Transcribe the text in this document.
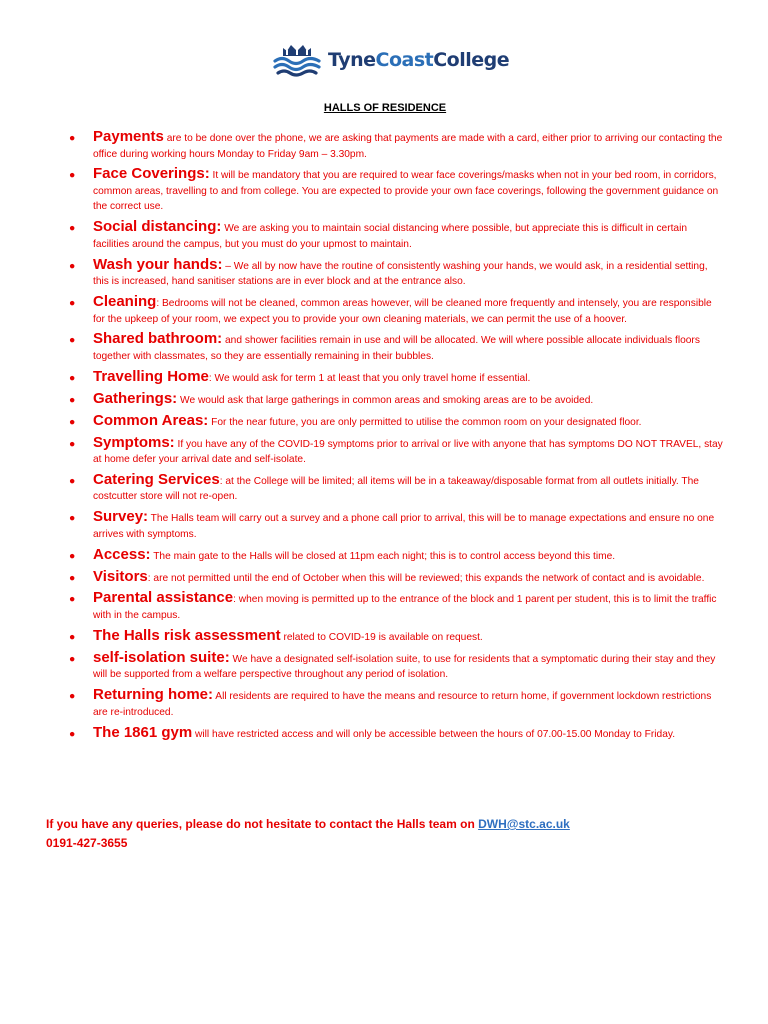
TyneCoastCollege
HALLS OF RESIDENCE
● Payments are to be done over the phone, we are asking that payments are made with a card, either prior to arriving our contacting the office during working hours Monday to Friday 9am – 3.30pm.
● Face Coverings: It will be mandatory that you are required to wear face coverings/masks when not in your bed room, in corridors, common areas, travelling to and from college. You are expected to provide your own face coverings, following the government guidance on the correct use.
● Social distancing: We are asking you to maintain social distancing where possible, but appreciate this is difficult in certain facilities around the campus, but you must do your upmost to maintain.
● Wash your hands: – We all by now have the routine of consistently washing your hands, we would ask, in a residential setting, this is increased, hand sanitiser stations are in ever block and at the entrance also.
● Cleaning: Bedrooms will not be cleaned, common areas however, will be cleaned more frequently and intensely, you are responsible for the upkeep of your room, we expect you to provide your own cleaning materials, we can permit the use of a hoover.
● Shared bathroom: and shower facilities remain in use and will be allocated. We will where possible allocate individuals floors together with classmates, so they are essentially remaining in their bubbles.
● Travelling Home: We would ask for term 1 at least that you only travel home if essential.
● Gatherings: We would ask that large gatherings in common areas and smoking areas are to be avoided.
● Common Areas: For the near future, you are only permitted to utilise the common room on your designated floor.
● Symptoms: If you have any of the COVID-19 symptoms prior to arrival or live with anyone that has symptoms DO NOT TRAVEL, stay at home defer your arrival date and self-isolate.
● Catering Services: at the College will be limited; all items will be in a takeaway/disposable format from all outlets initially. The costcutter store will not re-open.
● Survey: The Halls team will carry out a survey and a phone call prior to arrival, this will be to manage expectations and ensure no one arrives with symptoms.
● Access: The main gate to the Halls will be closed at 11pm each night; this is to control access beyond this time.
● Visitors: are not permitted until the end of October when this will be reviewed; this expands the network of contact and is avoidable.
● Parental assistance: when moving is permitted up to the entrance of the block and 1 parent per student, this is to limit the traffic with in the campus.
● The Halls risk assessment related to COVID-19 is available on request.
● self-isolation suite: We have a designated self-isolation suite, to use for residents that a symptomatic during their stay and they will be supported from a welfare perspective throughout any period of isolation.
● Returning home: All residents are required to have the means and resource to return home, if government lockdown restrictions are re-introduced.
● The 1861 gym will have restricted access and will only be accessible between the hours of 07.00-15.00 Monday to Friday.
If you have any queries, please do not hesitate to contact the Halls team on DWH@stc.ac.uk
0191-427-3655
